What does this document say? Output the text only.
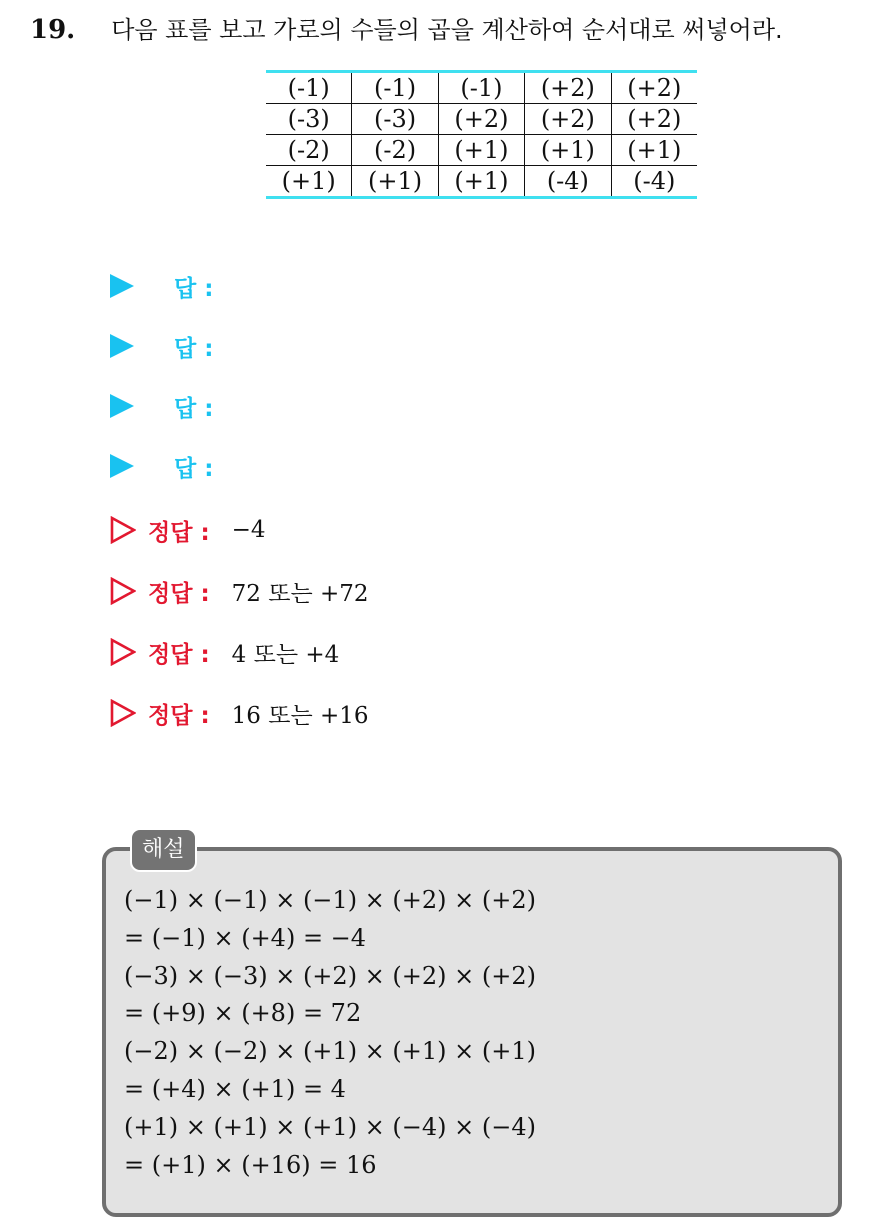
19. 다음 표를 보고 가로의 수들의 곱을 계산하여 순서대로 써넣어라.
(-1)	(-1)	(-1)	(+2)	(+2)
(-3)	(-3)	(+2)	(+2)	(+2)
(-2)	(-2)	(+1)	(+1)	(+1)
(+1)	(+1)	(+1)	(-4)	(-4)
답 :
답 :
답 :
답 :
정답 : −4
정답 : 72 또는 +72
정답 : 4 또는 +4
정답 : 16 또는 +16
해설
(−1) × (−1) × (−1) × (+2) × (+2)
= (−1) × (+4) = −4
(−3) × (−3) × (+2) × (+2) × (+2)
= (+9) × (+8) = 72
(−2) × (−2) × (+1) × (+1) × (+1)
= (+4) × (+1) = 4
(+1) × (+1) × (+1) × (−4) × (−4)
= (+1) × (+16) = 16
